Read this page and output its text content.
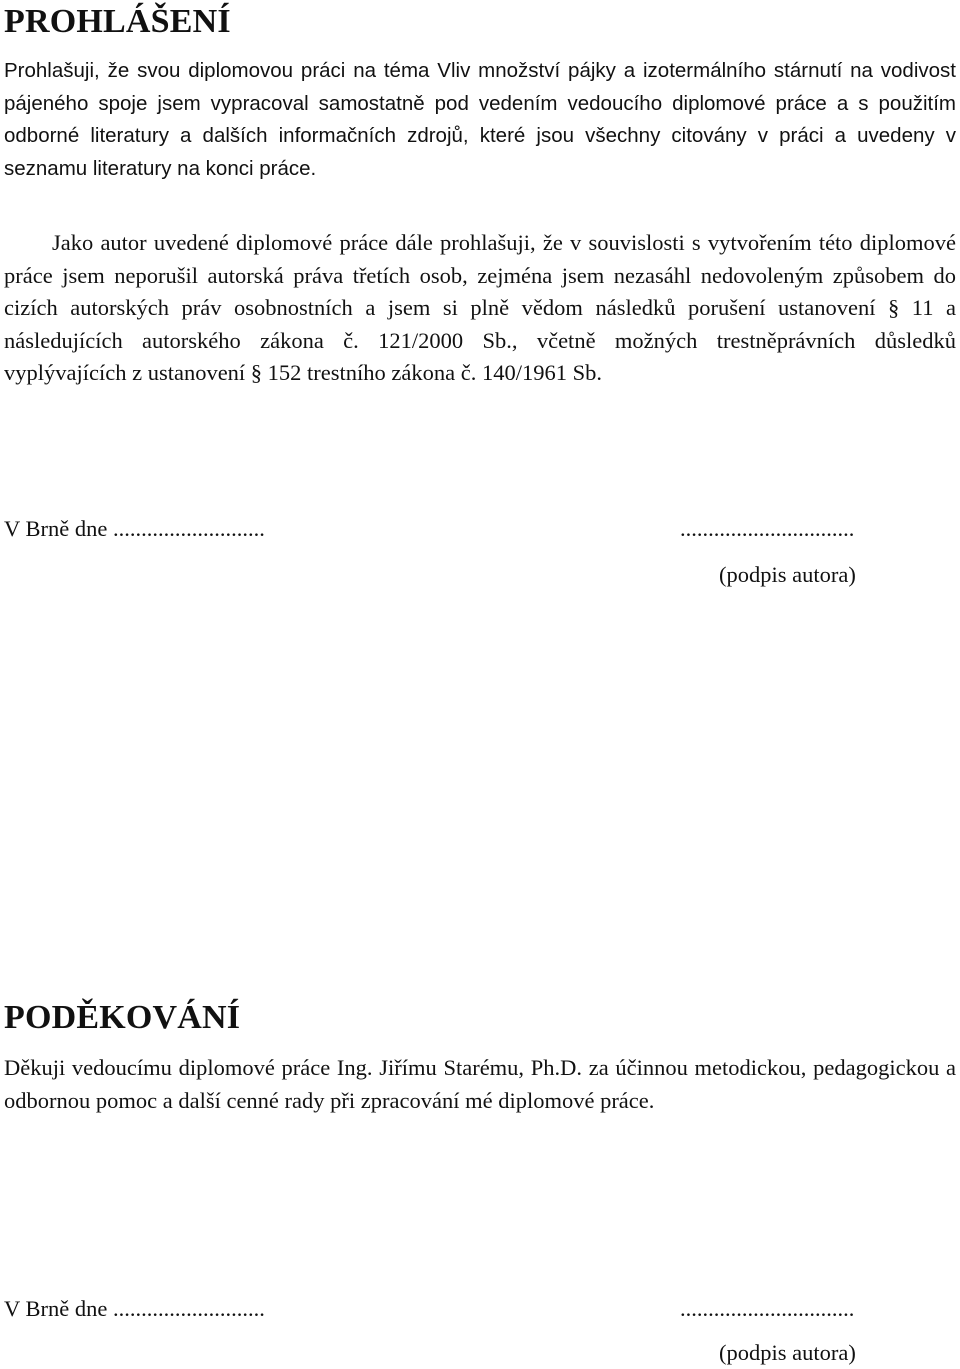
PROHLÁŠENÍ

Prohlašuji, že svou diplomovou práci na téma Vliv množství pájky a izotermálního stárnutí na vodivost pájeného spoje jsem vypracoval samostatně pod vedením vedoucího diplomové práce a s použitím odborné literatury a dalších informačních zdrojů, které jsou všechny citovány v práci a uvedeny v seznamu literatury na konci práce.

Jako autor uvedené diplomové práce dále prohlašuji, že v souvislosti s vytvořením této diplomové práce jsem neporušil autorská práva třetích osob, zejména jsem nezasáhl nedovoleným způsobem do cizích autorských práv osobnostních a jsem si plně vědom následků porušení ustanovení § 11 a následujících autorského zákona č. 121/2000 Sb., včetně možných trestněprávních důsledků vyplývajících z ustanovení § 152 trestního zákona č. 140/1961 Sb.

V Brně dne ...........................	...............................
(podpis autora)
PODĚKOVÁNÍ

Děkuji vedoucímu diplomové práce Ing. Jiřímu Starému, Ph.D. za účinnou metodickou, pedagogickou a odbornou pomoc a další cenné rady při zpracování mé diplomové práce.

V Brně dne ...........................	...............................
(podpis autora)
